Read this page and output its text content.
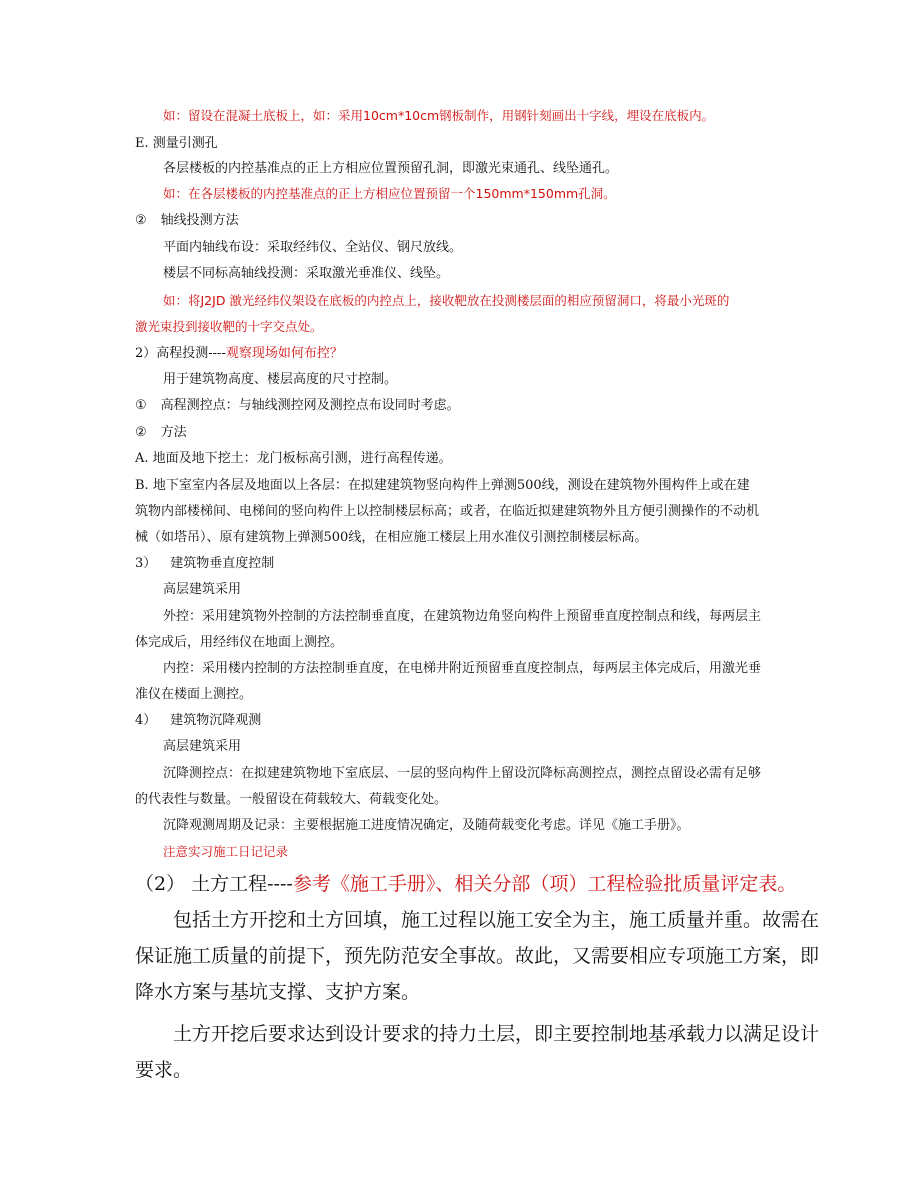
如：留设在混凝土底板上，如：采用10cm*10cm钢板制作，用钢针刻画出十字线，埋设在底板内。
E. 测量引测孔
各层楼板的内控基准点的正上方相应位置预留孔洞，即激光束通孔、线坠通孔。
如：在各层楼板的内控基准点的正上方相应位置预留一个150mm*150mm孔洞。
② 轴线投测方法
平面内轴线布设：采取经纬仪、全站仪、钢尺放线。
楼层不同标高轴线投测：采取激光垂准仪、线坠。
如：将J2JD 激光经纬仪架设在底板的内控点上，接收靶放在投测楼层面的相应预留洞口，将最小光斑的
激光束投到接收靶的十字交点处。
2）高程投测----观察现场如何布控？
用于建筑物高度、楼层高度的尺寸控制。
① 高程测控点：与轴线测控网及测控点布设同时考虑。
② 方法
A. 地面及地下挖土：龙门板标高引测，进行高程传递。
B. 地下室室内各层及地面以上各层：在拟建建筑物竖向构件上弹测500线，测设在建筑物外围构件上或在建
筑物内部楼梯间、电梯间的竖向构件上以控制楼层标高；或者，在临近拟建建筑物外且方便引测操作的不动机
械（如塔吊）、原有建筑物上弹测500线，在相应施工楼层上用水准仪引测控制楼层标高。
3） 建筑物垂直度控制
高层建筑采用
外控：采用建筑物外控制的方法控制垂直度，在建筑物边角竖向构件上预留垂直度控制点和线，每两层主
体完成后，用经纬仪在地面上测控。
内控：采用楼内控制的方法控制垂直度，在电梯井附近预留垂直度控制点，每两层主体完成后，用激光垂
准仪在楼面上测控。
4） 建筑物沉降观测
高层建筑采用
沉降测控点：在拟建建筑物地下室底层、一层的竖向构件上留设沉降标高测控点，测控点留设必需有足够
的代表性与数量。一般留设在荷载较大、荷载变化处。
沉降观测周期及记录：主要根据施工进度情况确定，及随荷载变化考虑。详见《施工手册》。
注意实习施工日记记录
（2） 土方工程----参考《施工手册》、相关分部（项）工程检验批质量评定表。
包括土方开挖和土方回填，施工过程以施工安全为主，施工质量并重。故需在
保证施工质量的前提下，预先防范安全事故。故此，又需要相应专项施工方案，即
降水方案与基坑支撑、支护方案。
土方开挖后要求达到设计要求的持力土层，即主要控制地基承载力以满足设计
要求。
